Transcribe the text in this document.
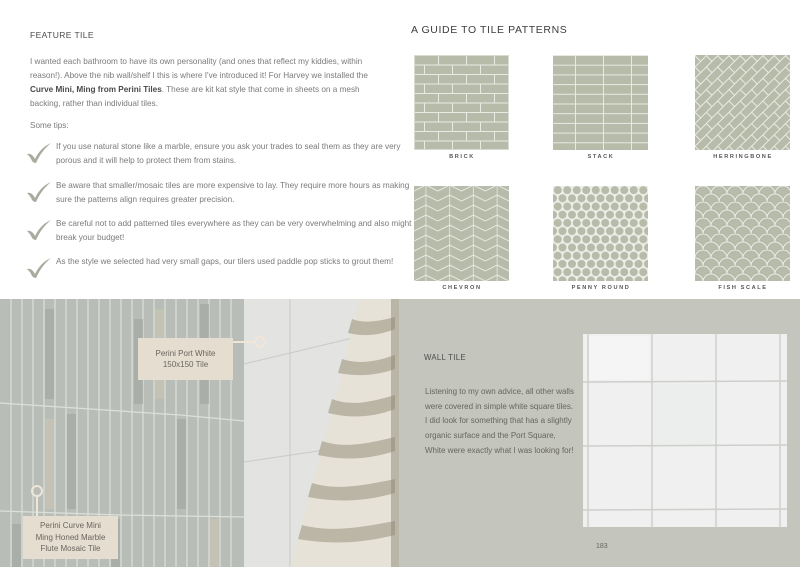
FEATURE TILE

I wanted each bathroom to have its own personality (and ones that reflect my kiddies, within reason!). Above the nib wall/shelf I this is where I've introduced it! For Harvey we installed the Curve Mini, Ming from Perini Tiles. These are kit kat style that come in sheets on a mesh backing, rather than individual tiles.

Some tips:
If you use natural stone like a marble, ensure you ask your trades to seal them as they are very porous and it will help to protect them from stains.
Be aware that smaller/mosaic tiles are more expensive to lay. They require more hours as making sure the patterns align requires greater precision.
Be careful not to add patterned tiles everywhere as they can be very overwhelming and also might break your budget!
As the style we selected had very small gaps, our tilers used paddle pop sticks to grout them!
A GUIDE TO TILE PATTERNS
BRICK	STACK	HERRINGBONE
CHEVRON	PENNY ROUND	FISH SCALE
Perini Port White
150x150 Tile
Perini Curve Mini
Ming Honed Marble
Flute Mosaic Tile
WALL TILE

Listening to my own advice, all other walls were covered in simple white square tiles. I did look for something that has a slightly organic surface and the Port Square, White were exactly what I was looking for!

183
